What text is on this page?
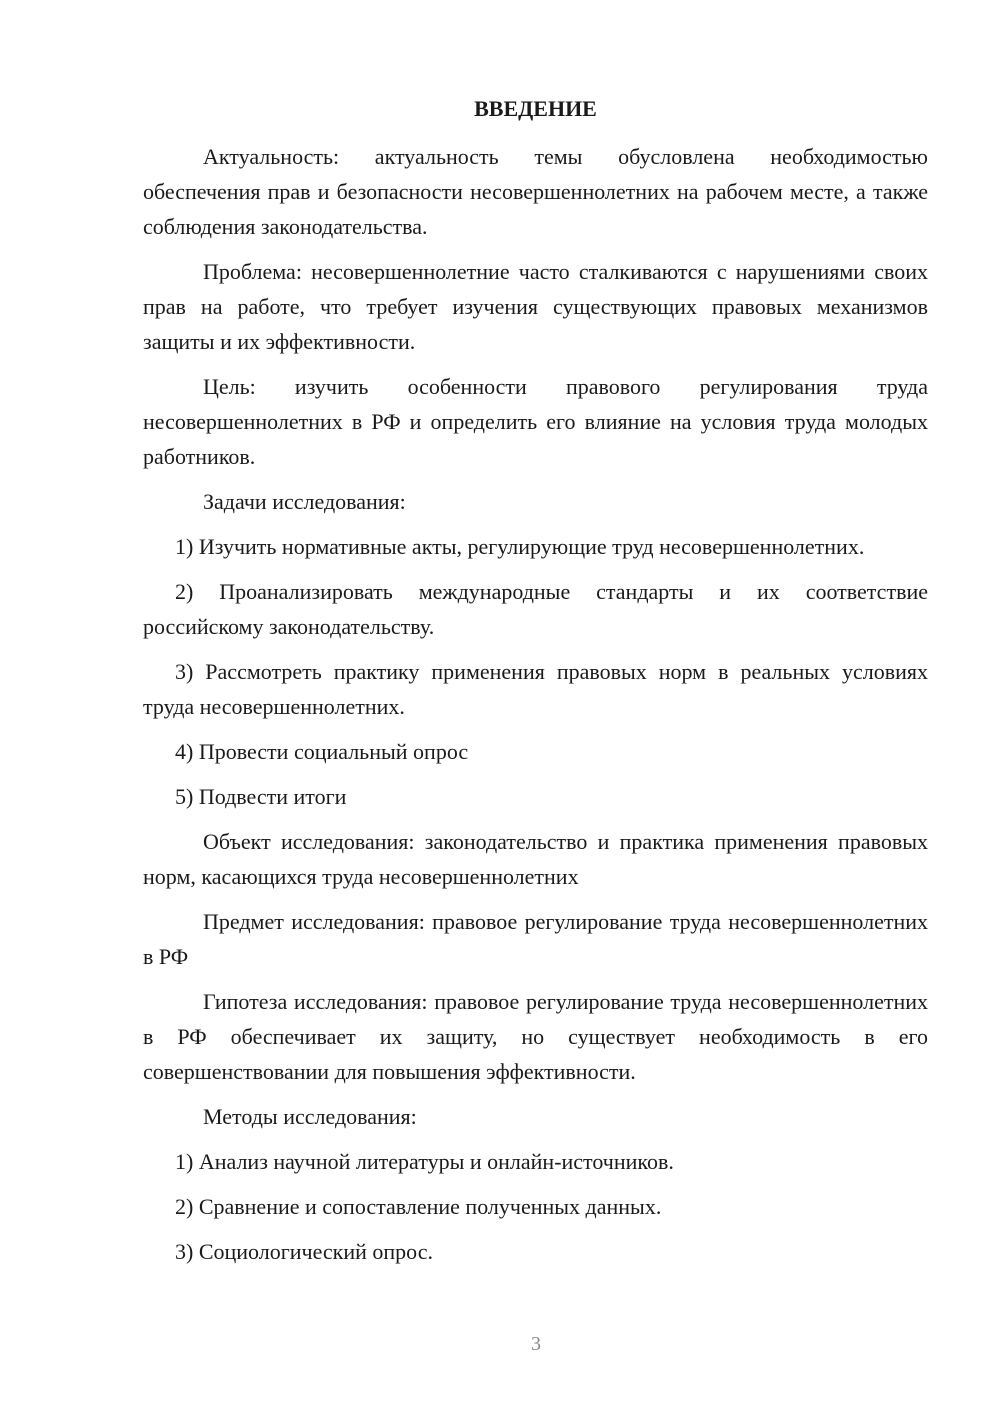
ВВЕДЕНИЕ

Актуальность: актуальность темы обусловлена необходимостью обеспечения прав и безопасности несовершеннолетних на рабочем месте, а также соблюдения законодательства.

Проблема: несовершеннолетние часто сталкиваются с нарушениями своих прав на работе, что требует изучения существующих правовых механизмов защиты и их эффективности.

Цель: изучить особенности правового регулирования труда несовершеннолетних в РФ и определить его влияние на условия труда молодых работников.

Задачи исследования:

1) Изучить нормативные акты, регулирующие труд несовершеннолетних.

2) Проанализировать международные стандарты и их соответствие российскому законодательству.

3) Рассмотреть практику применения правовых норм в реальных условиях труда несовершеннолетних.

4) Провести социальный опрос

5) Подвести итоги

Объект исследования: законодательство и практика применения правовых норм, касающихся труда несовершеннолетних

Предмет исследования: правовое регулирование труда несовершеннолетних в РФ

Гипотеза исследования: правовое регулирование труда несовершеннолетних в РФ обеспечивает их защиту, но существует необходимость в его совершенствовании для повышения эффективности.

Методы исследования:

1) Анализ научной литературы и онлайн-источников.

2) Сравнение и сопоставление полученных данных.

3) Социологический опрос.

3
